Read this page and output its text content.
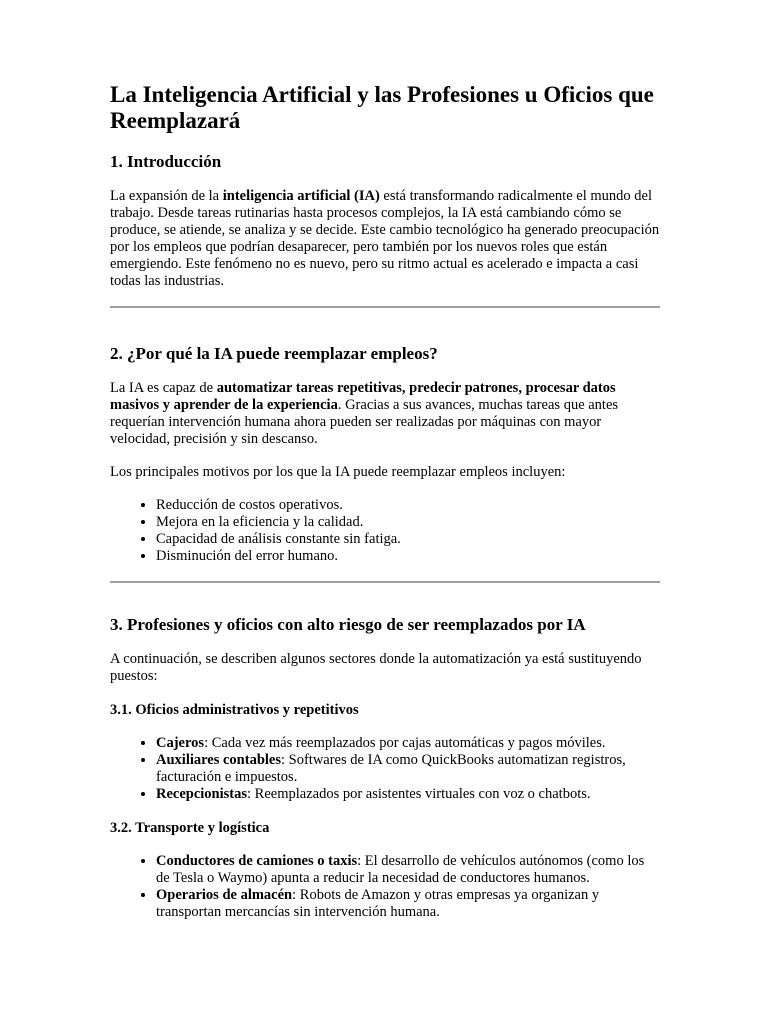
La Inteligencia Artificial y las Profesiones u Oficios que Reemplazará
1. Introducción

La expansión de la inteligencia artificial (IA) está transformando radicalmente el mundo del trabajo. Desde tareas rutinarias hasta procesos complejos, la IA está cambiando cómo se produce, se atiende, se analiza y se decide. Este cambio tecnológico ha generado preocupación por los empleos que podrían desaparecer, pero también por los nuevos roles que están emergiendo. Este fenómeno no es nuevo, pero su ritmo actual es acelerado e impacta a casi todas las industrias.

2. ¿Por qué la IA puede reemplazar empleos?

La IA es capaz de automatizar tareas repetitivas, predecir patrones, procesar datos masivos y aprender de la experiencia. Gracias a sus avances, muchas tareas que antes requerían intervención humana ahora pueden ser realizadas por máquinas con mayor velocidad, precisión y sin descanso.

Los principales motivos por los que la IA puede reemplazar empleos incluyen:

• Reducción de costos operativos.
• Mejora en la eficiencia y la calidad.
• Capacidad de análisis constante sin fatiga.
• Disminución del error humano.
3. Profesiones y oficios con alto riesgo de ser reemplazados por IA

A continuación, se describen algunos sectores donde la automatización ya está sustituyendo puestos:

3.1. Oficios administrativos y repetitivos
• Cajeros: Cada vez más reemplazados por cajas automáticas y pagos móviles.
• Auxiliares contables: Softwares de IA como QuickBooks automatizan registros, facturación e impuestos.
• Recepcionistas: Reemplazados por asistentes virtuales con voz o chatbots.
3.2. Transporte y logística
• Conductores de camiones o taxis: El desarrollo de vehículos autónomos (como los de Tesla o Waymo) apunta a reducir la necesidad de conductores humanos.
• Operarios de almacén: Robots de Amazon y otras empresas ya organizan y transportan mercancías sin intervención humana.
